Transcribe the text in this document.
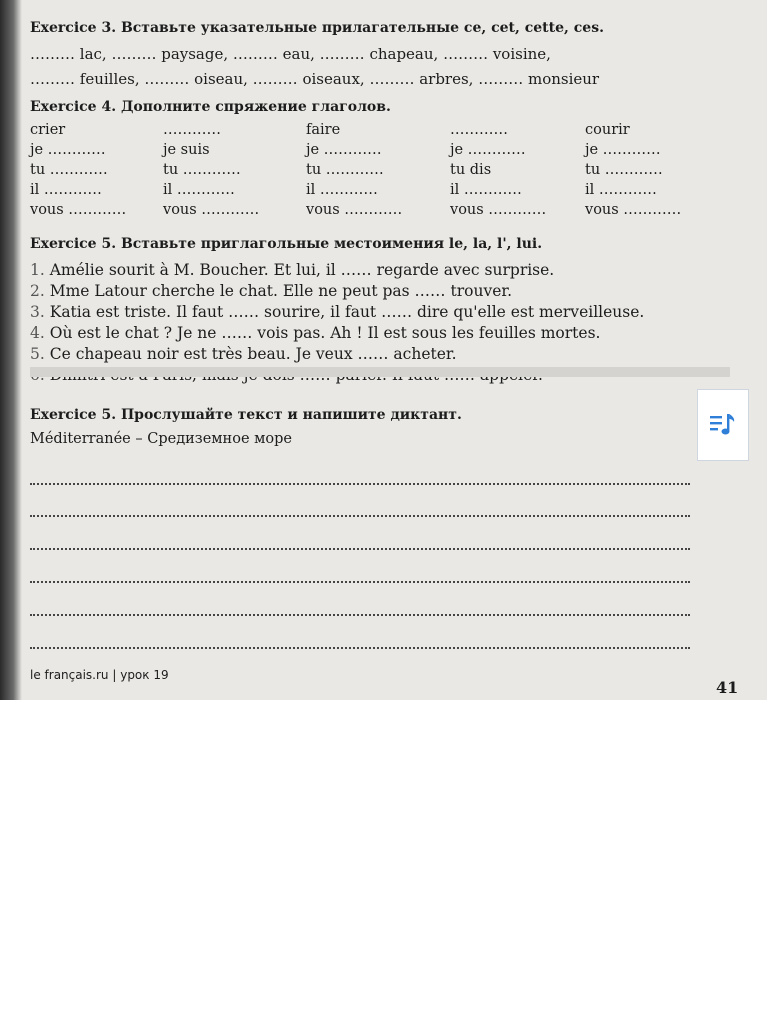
Exercice 3. Вставьте указательные прилагательные ce, cet, cette, ces.

……… lac, ……… paysage, ……… eau, ……… chapeau, ……… voisine,

……… feuilles, ……… oiseau, ……… oiseaux, ……… arbres, ……… monsieur

Exercice 4. Дополните спряжение глаголов.

crier	…………	faire	…………	courir
je …………	je suis	je …………	je …………	je …………
tu …………	tu …………	tu …………	tu dis	tu …………
il …………	il …………	il …………	il …………	il …………
vous …………	vous …………	vous …………	vous …………	vous …………

Exercice 5. Вставьте приглагольные местоимения le, la, l', lui.

1. Amélie sourit à M. Boucher. Et lui, il …… regarde avec surprise.

2. Mme Latour cherche le chat. Elle ne peut pas …… trouver.

3. Katia est triste. Il faut …… sourire, il faut …… dire qu'elle est merveilleuse.

4. Où est le chat ? Je ne …… vois pas. Ah ! Il est sous les feuilles mortes.

5. Ce chapeau noir est très beau. Je veux …… acheter.

Exercice 5. Прослушайте текст и напишите диктант.

Méditerranée – Средиземное море

le français.ru | урок 19
41
